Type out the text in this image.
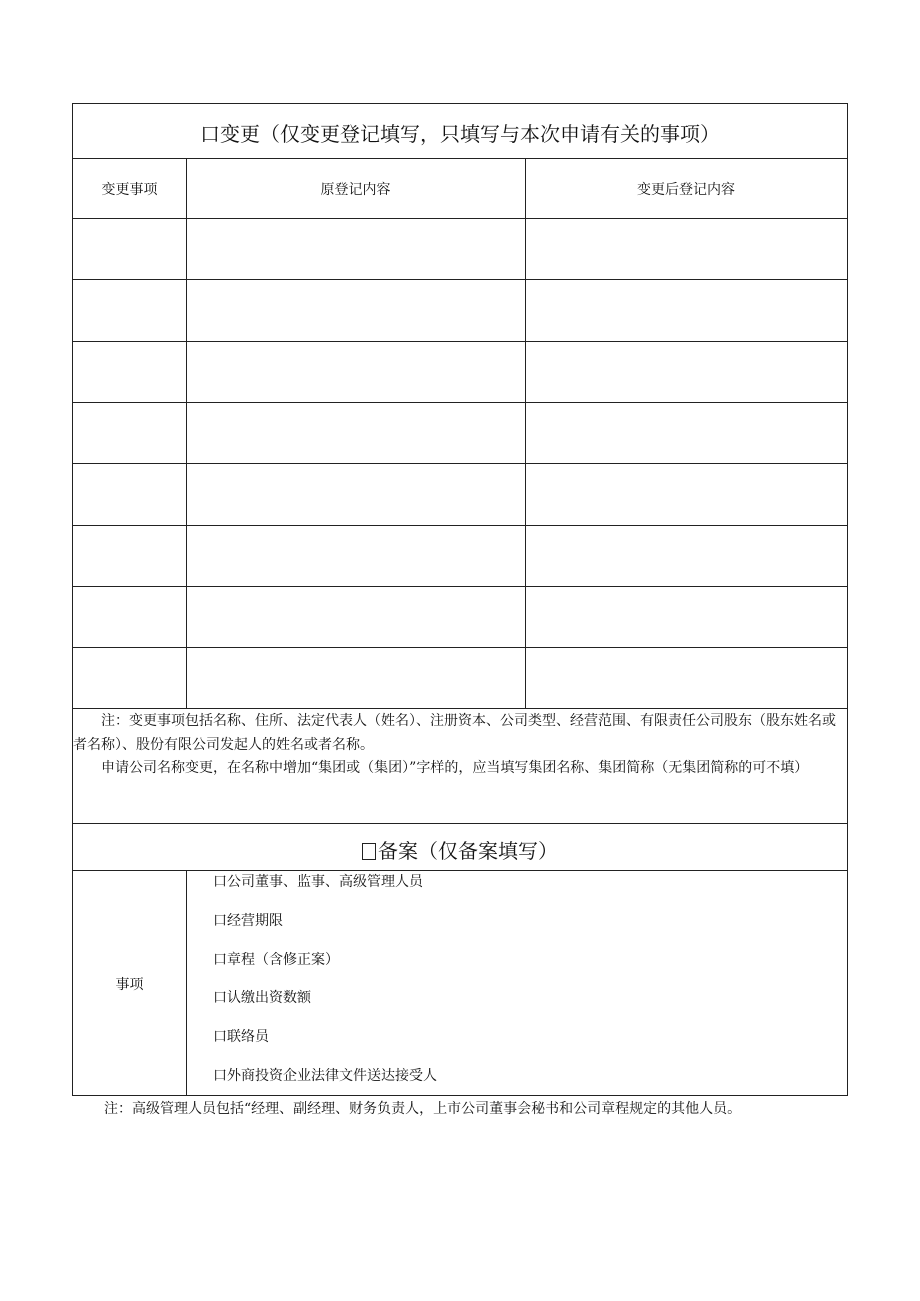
口变更（仅变更登记填写，只填写与本次申请有关的事项）
变更事项	原登记内容	变更后登记内容

注：变更事项包括名称、住所、法定代表人（姓名）、注册资本、公司类型、经营范围、有限责任公司股东（股东姓名或者名称）、股份有限公司发起人的姓名或者名称。

申请公司名称变更，在名称中增加“集团或（集团）”字样的，应当填写集团名称、集团简称（无集团简称的可不填）

备案（仅备案填写）
事项
口公司董事、监事、高级管理人员
口经营期限
口章程（含修正案）
口认缴出资数额
口联络员
口外商投资企业法律文件送达接受人
注：高级管理人员包括“经理、副经理、财务负责人，上市公司董事会秘书和公司章程规定的其他人员。
